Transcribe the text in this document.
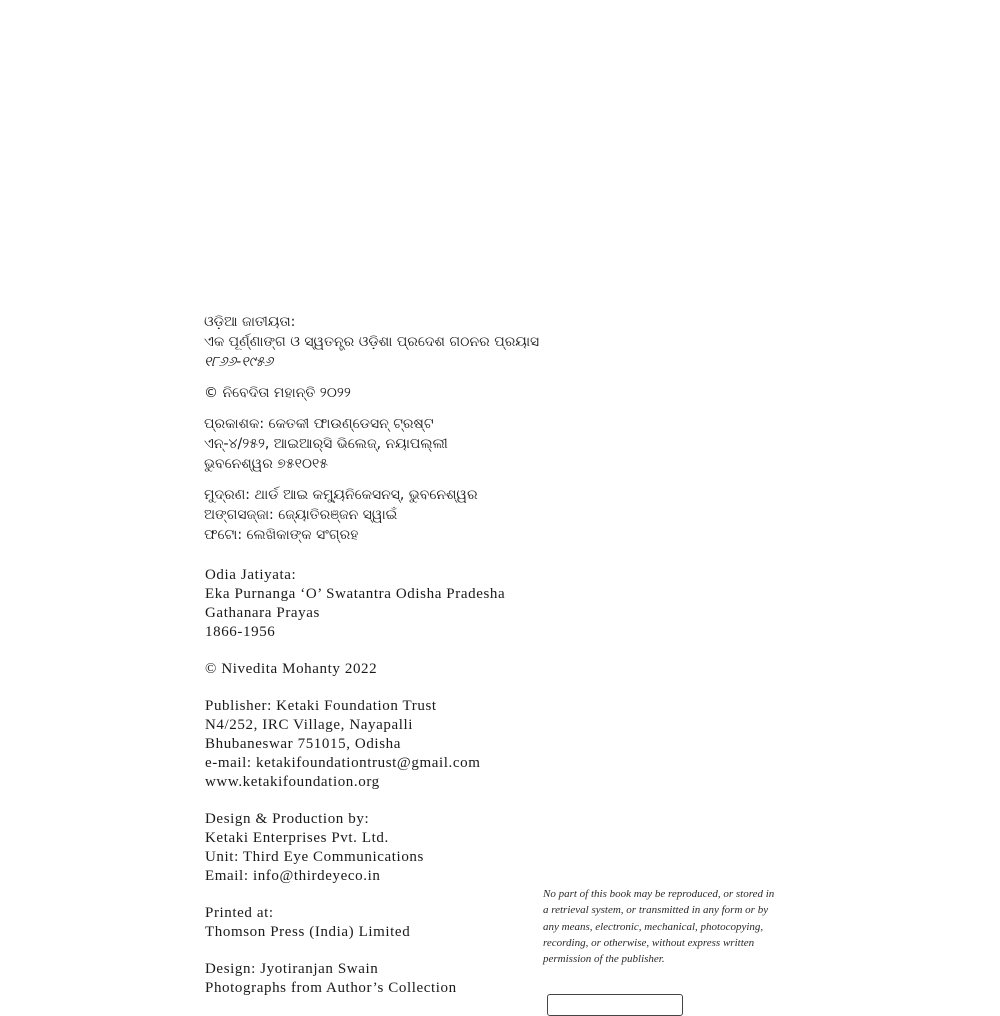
ଓଡ଼ିଆ ଜାତୀୟତା:
ଏକ ପୂର୍ଣ୍ଣାଙ୍ଗ ଓ ସ୍ୱତନ୍ତ୍ର ଓଡ଼ିଶା ପ୍ରଦେଶ ଗଠନର ପ୍ରୟାସ
୧୮୬୬-୧୯୫୬
© ନିବେଦିତା ମହାନ୍ତି ୨୦୨୨
ପ୍ରକାଶକ: କେତକୀ ଫାଉଣ୍ଡେସନ୍ ଟ୍ରଷ୍ଟ
ଏନ୍-୪/୨୫୨, ଆଇଆର୍‌ସି ଭିଲେଜ୍, ନୟାପଲ୍ଲୀ
ଭୁବନେଶ୍ୱର ୭୫୧୦୧୫
ମୁଦ୍ରଣ: ଥାର୍ଡ ଆଇ କମ୍ୟୁନିକେସନସ୍, ଭୁବନେଶ୍ୱର
ଅଙ୍ଗସଜ୍ଜା: ଜ୍ୟୋତିରଞ୍ଜନ ସ୍ୱାଇଁ
ଫଟୋ: ଲେଖିକାଙ୍କ ସଂଗ୍ରହ
Odia Jatiyata:
Eka Purnanga ‘O’ Swatantra Odisha Pradesha
Gathanara Prayas
1866-1956
© Nivedita Mohanty 2022
Publisher: Ketaki Foundation Trust
N4/252, IRC Village, Nayapalli
Bhubaneswar 751015, Odisha
e-mail: ketakifoundationtrust@gmail.com
www.ketakifoundation.org
Design & Production by:
Ketaki Enterprises Pvt. Ltd.
Unit: Third Eye Communications
Email: info@thirdeyeco.in
Printed at:
Thomson Press (India) Limited
Design: Jyotiranjan Swain
Photographs from Author’s Collection
No part of this book may be reproduced, or stored in
a retrieval system, or transmitted in any form or by
any means, electronic, mechanical, photocopying,
recording, or otherwise, without express written
permission of the publisher.
